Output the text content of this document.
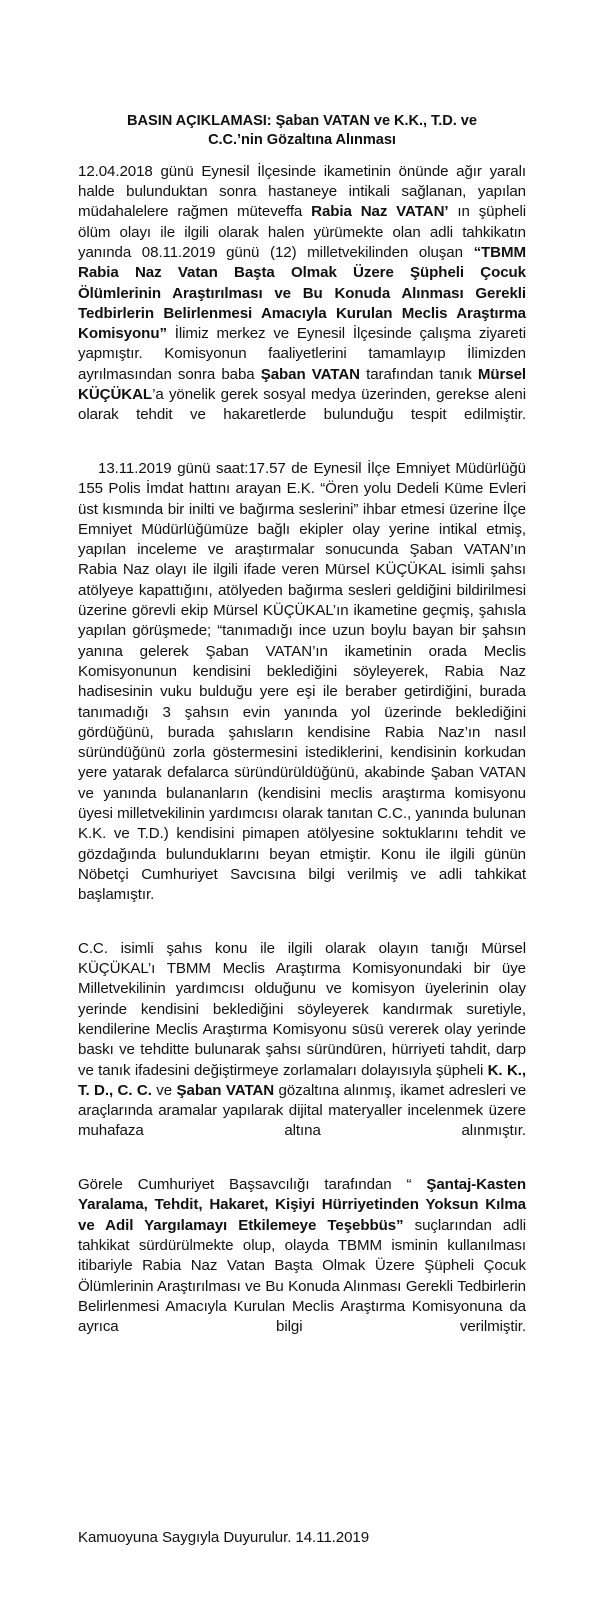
BASIN AÇIKLAMASI: Şaban VATAN ve K.K., T.D. ve
C.C.’nin Gözaltına Alınması

12.04.2018 günü Eynesil İlçesinde ikametinin önünde ağır yaralı halde bulunduktan sonra hastaneye intikali sağlanan, yapılan müdahalelere rağmen müteveffa Rabia Naz VATAN’ ın şüpheli ölüm olayı ile ilgili olarak halen yürümekte olan adli tahkikatın yanında 08.11.2019 günü (12) milletvekilinden oluşan “TBMM Rabia Naz Vatan Başta Olmak Üzere Şüpheli Çocuk Ölümlerinin Araştırılması ve Bu Konuda Alınması Gerekli Tedbirlerin Belirlenmesi Amacıyla Kurulan Meclis Araştırma Komisyonu” İlimiz merkez ve Eynesil İlçesinde çalışma ziyareti yapmıştır. Komisyonun faaliyetlerini tamamlayıp İlimizden ayrılmasından sonra baba Şaban VATAN tarafından tanık Mürsel KÜÇÜKAL’a yönelik gerek sosyal medya üzerinden, gerekse aleni olarak tehdit ve hakaretlerde bulunduğu tespit edilmiştir.

13.11.2019 günü saat:17.57 de Eynesil İlçe Emniyet Müdürlüğü 155 Polis İmdat hattını arayan E.K. “Ören yolu Dedeli Küme Evleri üst kısmında bir inilti ve bağırma seslerini” ihbar etmesi üzerine İlçe Emniyet Müdürlüğümüze bağlı ekipler olay yerine intikal etmiş, yapılan inceleme ve araştırmalar sonucunda Şaban VATAN’ın Rabia Naz olayı ile ilgili ifade veren Mürsel KÜÇÜKAL isimli şahsı atölyeye kapattığını, atölyeden bağırma sesleri geldiğini bildirilmesi üzerine görevli ekip Mürsel KÜÇÜKAL’ın ikametine geçmiş, şahısla yapılan görüşmede; “tanımadığı ince uzun boylu bayan bir şahsın yanına gelerek Şaban VATAN’ın ikametinin orada Meclis Komisyonunun kendisini beklediğini söyleyerek, Rabia Naz hadisesinin vuku bulduğu yere eşi ile beraber getirdiğini, burada tanımadığı 3 şahsın evin yanında yol üzerinde beklediğini gördüğünü, burada şahısların kendisine Rabia Naz’ın nasıl süründüğünü zorla göstermesini istediklerini, kendisinin korkudan yere yatarak defalarca süründürüldüğünü, akabinde Şaban VATAN ve yanında bulananların (kendisini meclis araştırma komisyonu üyesi milletvekilinin yardımcısı olarak tanıtan C.C., yanında bulunan K.K. ve T.D.) kendisini pimapen atölyesine soktuklarını tehdit ve gözdağında bulunduklarını beyan etmiştir. Konu ile ilgili günün Nöbetçi Cumhuriyet Savcısına bilgi verilmiş ve adli tahkikat başlamıştır.

C.C. isimli şahıs konu ile ilgili olarak olayın tanığı Mürsel KÜÇÜKAL’ı TBMM Meclis Araştırma Komisyonundaki bir üye Milletvekilinin yardımcısı olduğunu ve komisyon üyelerinin olay yerinde kendisini beklediğini söyleyerek kandırmak suretiyle, kendilerine Meclis Araştırma Komisyonu süsü vererek olay yerinde baskı ve tehditte bulunarak şahsı süründüren, hürriyeti tahdit, darp ve tanık ifadesini değiştirmeye zorlamaları dolayısıyla şüpheli K. K., T. D., C. C. ve Şaban VATAN gözaltına alınmış, ikamet adresleri ve araçlarında aramalar yapılarak dijital materyaller incelenmek üzere muhafaza altına alınmıştır.

Görele Cumhuriyet Başsavcılığı tarafından “ Şantaj-Kasten Yaralama, Tehdit, Hakaret, Kişiyi Hürriyetinden Yoksun Kılma ve Adil Yargılamayı Etkilemeye Teşebbüs” suçlarından adli tahkikat sürdürülmekte olup, olayda TBMM isminin kullanılması itibariyle Rabia Naz Vatan Başta Olmak Üzere Şüpheli Çocuk Ölümlerinin Araştırılması ve Bu Konuda Alınması Gerekli Tedbirlerin Belirlenmesi Amacıyla Kurulan Meclis Araştırma Komisyonuna da ayrıca bilgi verilmiştir.

Kamuoyuna Saygıyla Duyurulur. 14.11.2019
